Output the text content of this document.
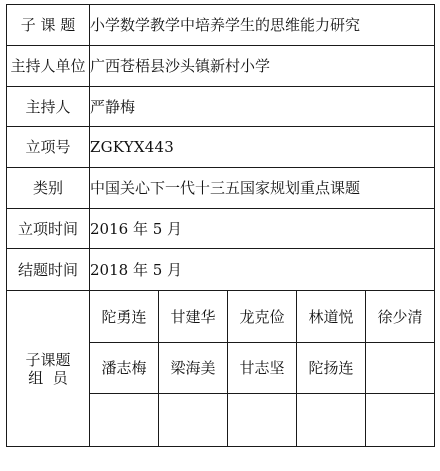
子 课 题	小学数学教学中培养学生的思维能力研究				
主持人单位	广西苍梧县沙头镇新村小学				
主持人	严静梅				
立项号	ZGKYX443				
类别	中国关心下一代十三五国家规划重点课题				
立项时间	2016 年 5 月				
结题时间	2018 年 5 月				

子课题
组  员	陀勇连	甘建华	龙克俭	林道悦	徐少清
	潘志梅	梁海美	甘志坚	陀扬连	
